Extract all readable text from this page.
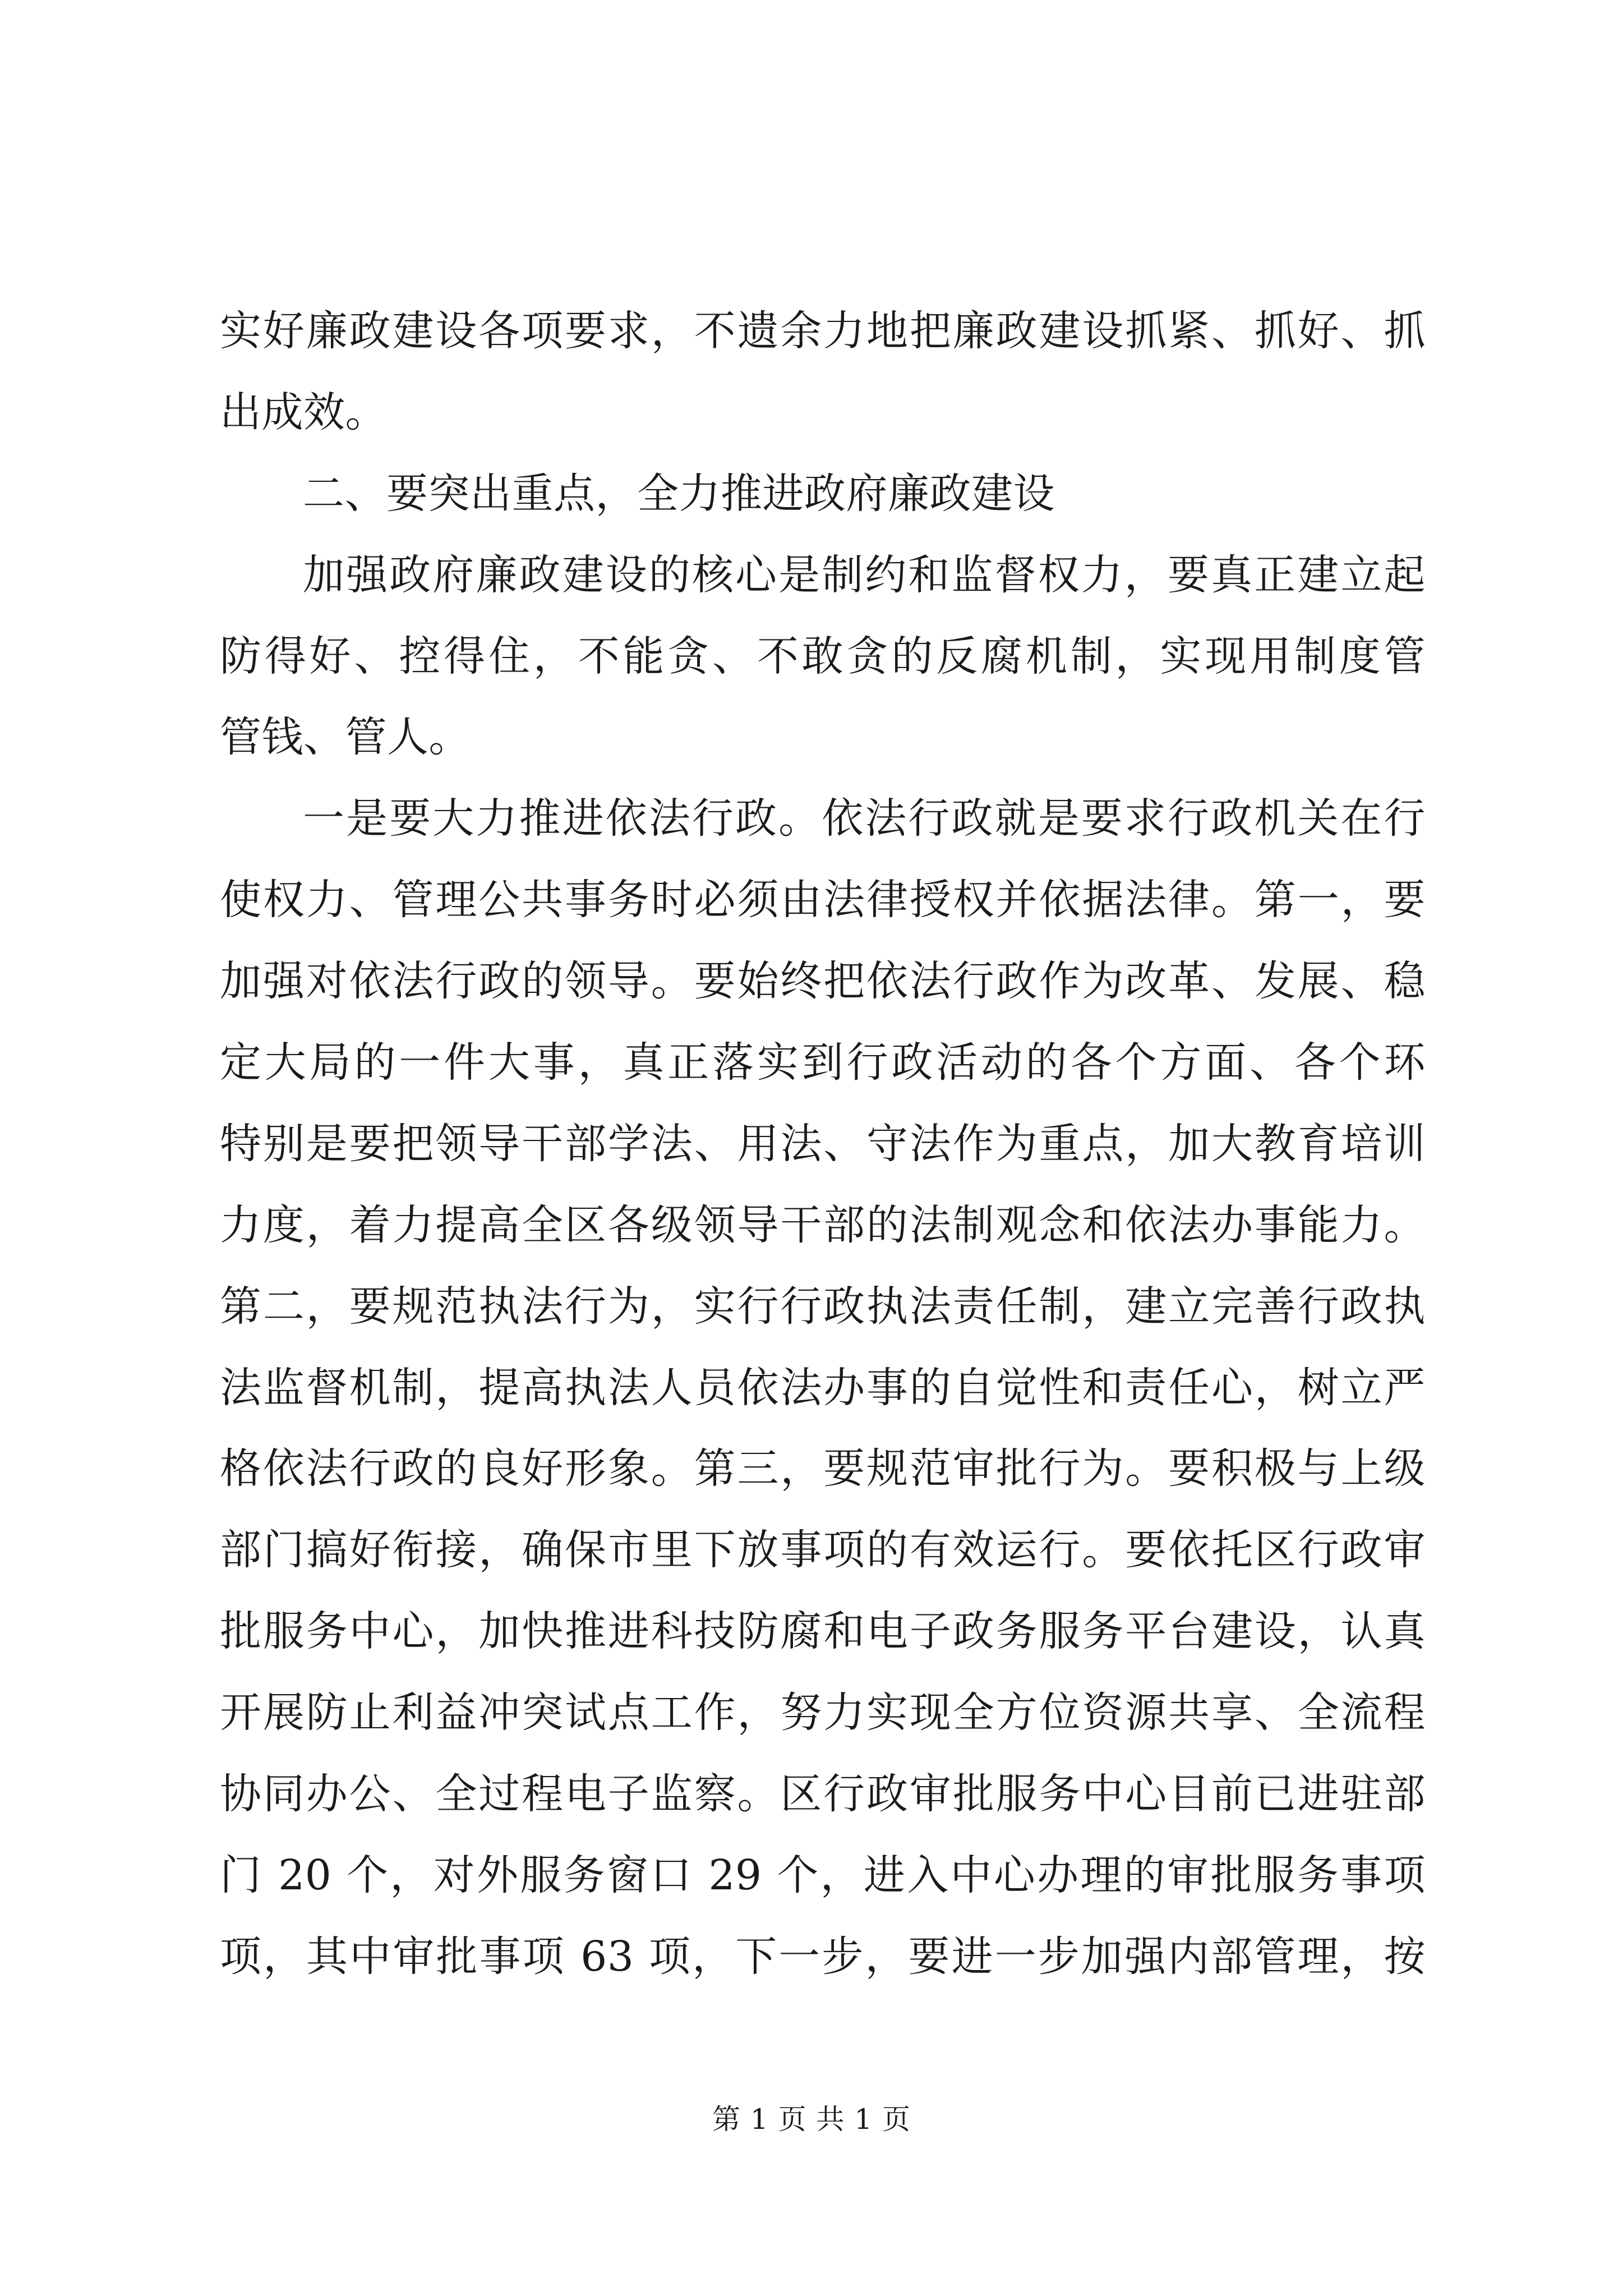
实好廉政建设各项要求，不遗余力地把廉政建设抓紧、抓好、抓
出成效。
二、要突出重点，全力推进政府廉政建设
加强政府廉政建设的核心是制约和监督权力，要真正建立起
防得好、控得住，不能贪、不敢贪的反腐机制，实现用制度管
管钱、管人。
一是要大力推进依法行政。依法行政就是要求行政机关在行
使权力、管理公共事务时必须由法律授权并依据法律。第一，要
加强对依法行政的领导。要始终把依法行政作为改革、发展、稳
定大局的一件大事，真正落实到行政活动的各个方面、各个环
特别是要把领导干部学法、用法、守法作为重点，加大教育培训
力度，着力提高全区各级领导干部的法制观念和依法办事能力。
第二，要规范执法行为，实行行政执法责任制，建立完善行政执
法监督机制，提高执法人员依法办事的自觉性和责任心，树立严
格依法行政的良好形象。第三，要规范审批行为。要积极与上级
部门搞好衔接，确保市里下放事项的有效运行。要依托区行政审
批服务中心，加快推进科技防腐和电子政务服务平台建设，认真
开展防止利益冲突试点工作，努力实现全方位资源共享、全流程
协同办公、全过程电子监察。区行政审批服务中心目前已进驻部
门 20 个，对外服务窗口 29 个，进入中心办理的审批服务事项
项，其中审批事项 63 项，下一步，要进一步加强内部管理，按
第 1 页 共 1 页
